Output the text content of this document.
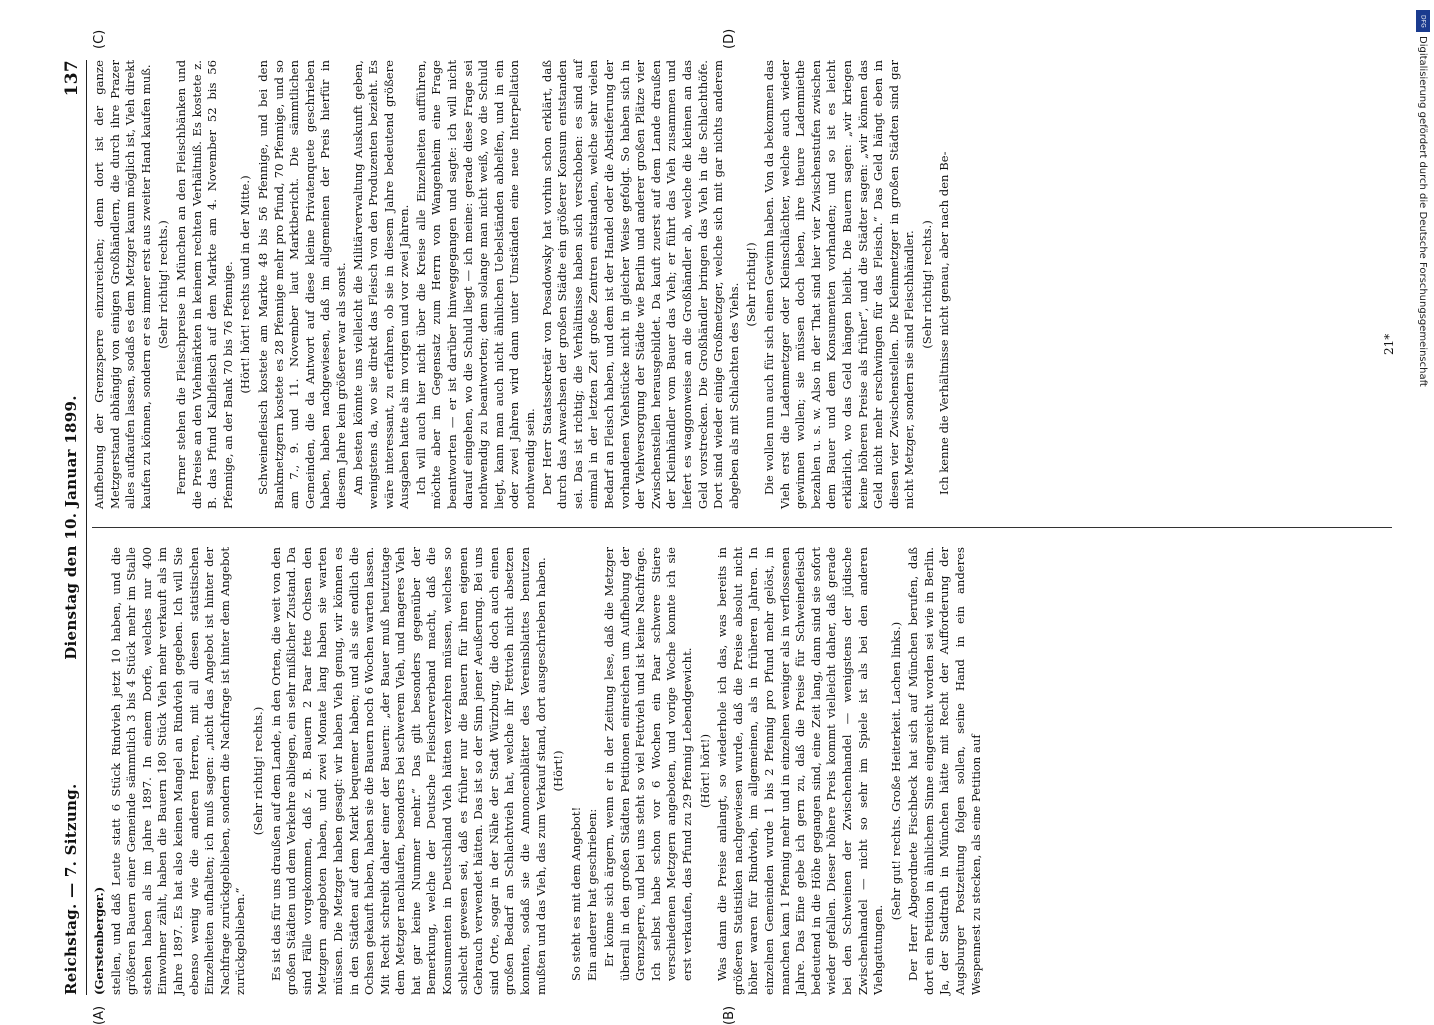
Reichstag. — 7. Sitzung.
Dienstag den 10. Januar 1899.
137

(Gerstenberger.) stellen, und daß Leute statt 6 Stück Rindvieh jetzt 10 haben, und die größeren Bauern einer Gemeinde sämmtlich 3 bis 4 Stück mehr im Stalle stehen haben als im Jahre 1897. In einem Dorfe, welches nur 400 Einwohner zählt, haben die Bauern 180 Stück Vieh mehr verkauft als im Jahre 1897. Es hat also keinen Mangel an Rindvieh gegeben. Ich will Sie ebenso wenig wie die anderen Herren, mit all diesen statistischen Einzelheiten aufhalten; ich muß sagen: „nicht das Angebot ist hinter der Nachfrage zurückgeblieben, sondern die Nachfrage ist hinter dem Angebot zurückgeblieben.“

(Sehr richtig! rechts.) Es ist das für uns draußen auf dem Lande, in den Orten, die weit von den großen Städten und dem Verkehre abliegen, ein sehr mißlicher Zustand. Da sind Fälle vorgekommen, daß z. B. Bauern 2 Paar fette Ochsen den Metzgern angeboten haben, und zwei Monate lang haben sie warten müssen. Die Metzger haben gesagt: wir haben Vieh genug, wir können es in den Städten auf dem Markt bequemer haben; und als sie endlich die Ochsen gekauft haben, haben sie die Bauern noch 6 Wochen warten lassen. Mit Recht schreibt daher einer der Bauern: „der Bauer muß heutzutage dem Metzger nachlaufen, besonders bei schwerem Vieh, und mageres Vieh hat gar keine Nummer mehr.“ Das gilt besonders gegenüber der Bemerkung, welche der Deutsche Fleischerverband macht, daß die Konsumenten in Deutschland Vieh hätten verzehren müssen, welches so schlecht gewesen sei, daß es früher nur die Bauern für ihren eigenen Gebrauch verwendet hätten. Das ist so der Sinn jener Aeußerung. Bei uns sind Orte, sogar in der Nähe der Stadt Würzburg, die doch auch einen großen Bedarf an Schlachtvieh hat, welche ihr Fettvieh nicht absetzen konnten, sodaß sie die Annoncenblätter des Vereinsblattes benutzen mußten und das Vieh, das zum Verkauf stand, dort ausgeschrieben haben. (Hört!)

So steht es mit dem Angebot! Ein anderer hat geschrieben: Er könne sich ärgern, wenn er in der Zeitung lese, daß die Metzger überall in den großen Städten Petitionen einreichen um Aufhebung der Grenzsperre, und bei uns steht so viel Fettvieh und ist keine Nachfrage. Ich selbst habe schon vor 6 Wochen ein Paar schwere Stiere verschiedenen Metzgern angeboten, und vorige Woche konnte ich sie erst verkaufen, das Pfund zu 29 Pfennig Lebendgewicht. (Hört! hört!) Was dann die Preise anlangt, so wiederhole ich das, was bereits in größeren Statistiken nachgewiesen wurde, daß die Preise absolut nicht höher waren für Rindvieh, im allgemeinen, als in früheren Jahren. In einzelnen Gemeinden wurde 1 bis 2 Pfennig pro Pfund mehr gelöst, in manchen kam 1 Pfennig mehr und in einzelnen weniger als in verflossenen Jahre. Das Eine gebe ich gern zu, daß die Preise für Schweinefleisch bedeutend in die Höhe gegangen sind, eine Zeit lang, dann sind sie sofort wieder gefallen. Dieser höhere Preis kommt vielleicht daher, daß gerade bei den Schweinen der Zwischenhandel — wenigstens der jüdische Zwischenhandel — nicht so sehr im Spiele ist als bei den anderen Viehgattungen.

(Sehr gut! rechts. Große Heiterkeit. Lachen links.) Der Herr Abgeordnete Fischbeck hat sich auf München berufen, daß dort ein Petition in ähnlichem Sinne eingereicht worden sei wie in Berlin. Ja, der Stadtrath in München hätte mit Recht der Aufforderung der Augsburger Postzeitung folgen sollen, seine Hand in ein anderes Wespennest zu stecken, als eine Petition auf

Aufhebung der Grenzsperre einzureichen; denn dort ist der ganze Metzgerstand abhängig von einigen Großhändlern, die durch ihre Prazer alles aufkaufen lassen, sodaß es dem Metzger kaum möglich ist, Vieh direkt kaufen zu können, sondern er es immer erst aus zweiter Hand kaufen muß. (Sehr richtig! rechts.) Ferner stehen die Fleischpreise in München an den Fleischbänken und die Preise an den Viehmärkten in keinem rechten Verhältniß. Es kostete z. B. das Pfund Kalbfleisch auf dem Markte am 4. November 52 bis 56 Pfennige, an der Bank 70 bis 76 Pfennige. (Hört! hört! rechts und in der Mitte.) Schweinefleisch kostete am Markte 48 bis 56 Pfennige, und bei den Bankmetzgern kostete es 28 Pfennige mehr pro Pfund, 70 Pfennige, und so am 7., 9. und 11. November laut Marktbericht. Die sämmtlichen Gemeinden, die da Antwort auf diese kleine Privatenquete geschrieben haben, haben nachgewiesen, daß im allgemeinen der Preis hierfür in diesem Jahre kein größerer war als sonst. Am besten könnte uns vielleicht die Militärverwaltung Auskunft geben, wenigstens da, wo sie direkt das Fleisch von den Produzenten bezieht. Es wäre interessant, zu erfahren, ob sie in diesem Jahre bedeutend größere Ausgaben hatte als im vorigen und vor zwei Jahren. Ich will auch hier nicht über die Kreise alle Einzelheiten aufführen, möchte aber im Gegensatz zum Herrn von Wangenheim eine Frage beantworten — er ist darüber hinweggegangen und sagte: ich will nicht darauf eingehen, wo die Schuld liegt — ich meine: gerade diese Frage sei nothwendig zu beantworten; denn solange man nicht weiß, wo die Schuld liegt, kann man auch nicht ähnlichen Uebelständen abhelfen, und in ein oder zwei Jahren wird dann unter Umständen eine neue Interpellation nothwendig sein. Der Herr Staatssekretär von Posadowsky hat vorhin schon erklärt, daß durch das Anwachsen der großen Städte ein größerer Konsum entstanden sei. Das ist richtig; die Verhältnisse haben sich verschoben: es sind auf einmal in der letzten Zeit große Zentren entstanden, welche sehr vielen Bedarf an Fleisch haben, und dem ist der Handel oder die Abstieferung der vorhandenen Viehstücke nicht in gleicher Weise gefolgt. So haben sich in der Viehversorgung der Städte wie Berlin und anderer großen Plätze vier Zwischenstellen herausgebildet. Da kauft zuerst auf dem Lande draußen der Kleinhändler vom Bauer das Vieh; er führt das Vieh zusammen und liefert es waggonweise an die Großhändler ab, welche die kleinen an das Geld vorstrecken. Die Großhändler bringen das Vieh in die Schlachthöfe. Dort sind wieder einige Großmetzger, welche sich mit gar nichts anderem abgeben als mit Schlachten des Viehs. (Sehr richtig!) Die wollen nun auch für sich einen Gewinn haben. Von da bekommen das Vieh erst die Ladenmetzger oder Kleinschlächter, welche auch wieder gewinnen wollen; sie müssen doch leben, ihre theure Ladenmiethe bezahlen u. s. w. Also in der That sind hier vier Zwischenstufen zwischen dem Bauer und dem Konsumenten vorhanden; und so ist es leicht erklärlich, wo das Geld hängen bleibt. Die Bauern sagen: „wir kriegen keine höheren Preise als früher“, und die Städter sagen: „wir können das Geld nicht mehr erschwingen für das Fleisch.“ Das Geld hängt eben in diesen vier Zwischenstellen. Die Kleinmetzger in großen Städten sind gar nicht Metzger, sondern sie sind Fleischhändler. (Sehr richtig! rechts.) Ich kenne die Verhältnisse nicht genau, aber nach den Be-

(A)	(B)
(C)	(D)
21*
DFG
Digitalisierung gefördert durch die Deutsche Forschungsgemeinschaft
